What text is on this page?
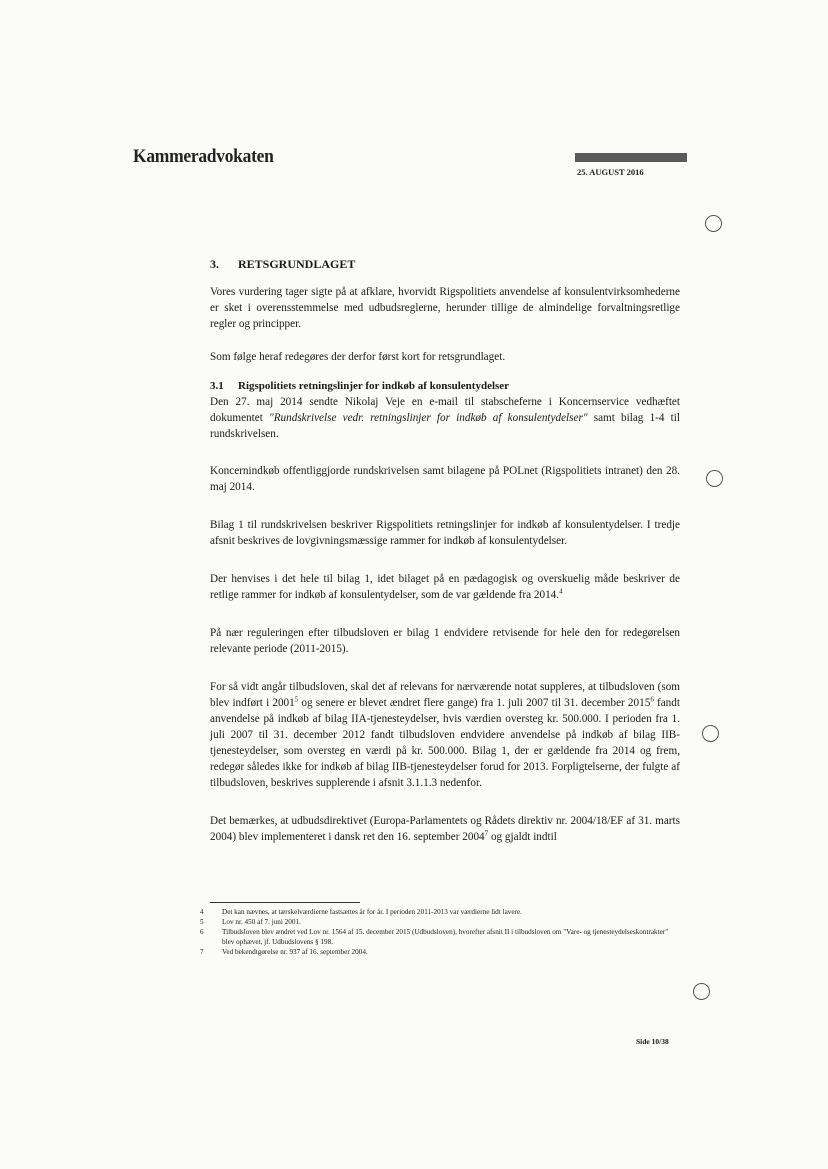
Kammeradvokaten
25. AUGUST 2016
3. RETSGRUNDLAGET

Vores vurdering tager sigte på at afklare, hvorvidt Rigspolitiets anvendelse af konsulentvirksomhederne er sket i overensstemmelse med udbudsreglerne, herunder tillige de almindelige forvaltningsretlige regler og principper.

Som følge heraf redegøres der derfor først kort for retsgrundlaget.

3.1 Rigspolitiets retningslinjer for indkøb af konsulentydelser

Den 27. maj 2014 sendte Nikolaj Veje en e-mail til stabscheferne i Koncernservice vedhæftet dokumentet "Rundskrivelse vedr. retningslinjer for indkøb af konsulentydelser" samt bilag 1-4 til rundskrivelsen.

Koncernindkøb offentliggjorde rundskrivelsen samt bilagene på POLnet (Rigspolitiets intranet) den 28. maj 2014.

Bilag 1 til rundskrivelsen beskriver Rigspolitiets retningslinjer for indkøb af konsulentydelser. I tredje afsnit beskrives de lovgivningsmæssige rammer for indkøb af konsulentydelser.

Der henvises i det hele til bilag 1, idet bilaget på en pædagogisk og overskuelig måde beskriver de retlige rammer for indkøb af konsulentydelser, som de var gældende fra 2014.$^4$

På nær reguleringen efter tilbudsloven er bilag 1 endvidere retvisende for hele den for redegørelsen relevante periode (2011-2015).

For så vidt angår tilbudsloven, skal det af relevans for nærværende notat suppleres, at tilbudsloven (som blev indført i 2001$^5$ og senere er blevet ændret flere gange) fra 1. juli 2007 til 31. december 2015$^6$ fandt anvendelse på indkøb af bilag IIA-tjenesteydelser, hvis værdien oversteg kr. 500.000. I perioden fra 1. juli 2007 til 31. december 2012 fandt tilbudsloven endvidere anvendelse på indkøb af bilag IIB-tjenesteydelser, som oversteg en værdi på kr. 500.000. Bilag 1, der er gældende fra 2014 og frem, redegør således ikke for indkøb af bilag IIB-tjenesteydelser forud for 2013. Forpligtelserne, der fulgte af tilbudsloven, beskrives supplerende i afsnit 3.1.1.3 nedenfor.

Det bemærkes, at udbudsdirektivet (Europa-Parlamentets og Rådets direktiv nr. 2004/18/EF af 31. marts 2004) blev implementeret i dansk ret den 16. september 2004$^7$ og gjaldt indtil

4	Det kan nævnes, at tærskelværdierne fastsættes år for år. I perioden 2011-2013 var værdierne lidt lavere.
5	Lov nr. 450 af 7. juni 2001.
6	Tilbudsloven blev ændret ved Lov nr. 1564 af 15. december 2015 (Udbudsloven), hvorefter afsnit II i tilbudsloven om "Vare- og tjenesteydelseskontrakter" blev ophævet, jf. Udbudslovens § 198.
7	Ved bekendtgørelse nr. 937 af 16. september 2004.
Side 10/38
